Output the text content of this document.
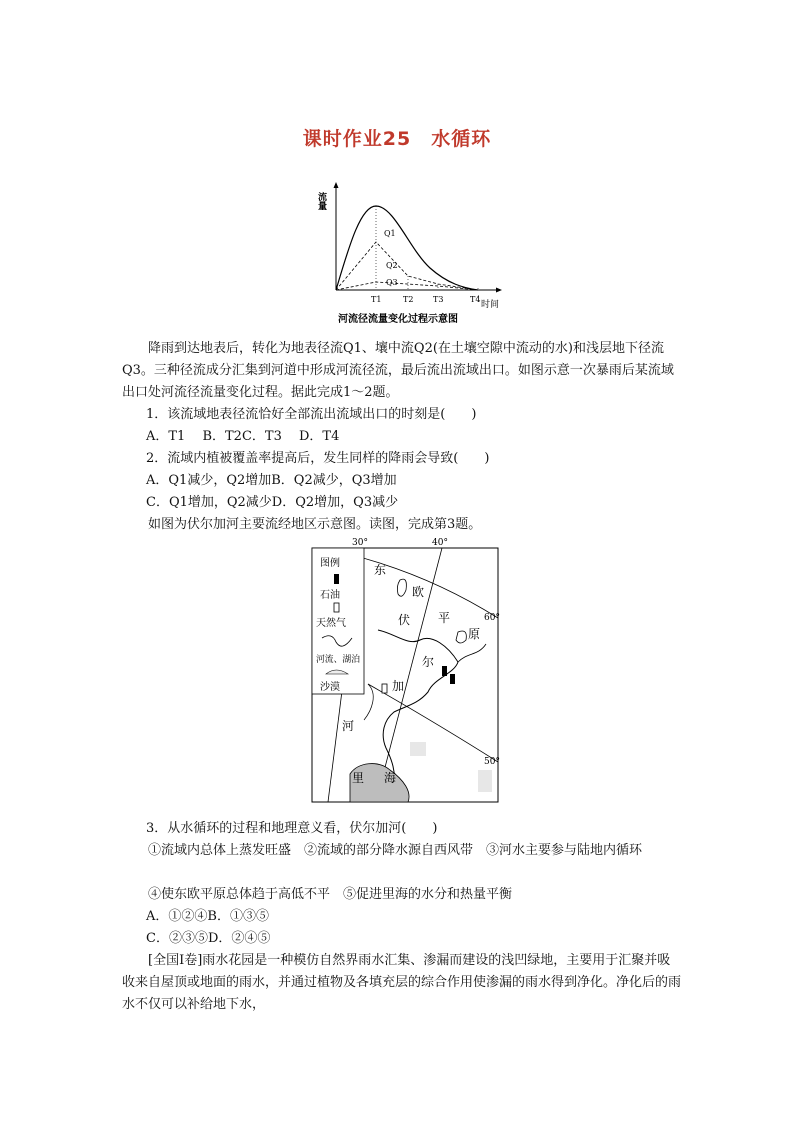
课时作业25　水循环
流量
时间
Q1
Q2
Q3
T1	T2 T3	T4
河流径流量变化过程示意图
降雨到达地表后，转化为地表径流Q1、壤中流Q2(在土壤空隙中流动的水)和浅层地下径流Q3。三种径流成分汇集到河道中形成河流径流，最后流出流域出口。如图示意一次暴雨后某流域出口处河流径流量变化过程。据此完成1～2题。
1．该流域地表径流恰好全部流出流域出口的时刻是(　　)
A．T1　 B．T2C．T3　 D．T4
2．流域内植被覆盖率提高后，发生同样的降雨会导致(　　)
A．Q1减少，Q2增加B．Q2减少，Q3增加
C．Q1增加，Q2减少D．Q2增加，Q3减少
如图为伏尔加河主要流经地区示意图。读图，完成第3题。
30°	40°
60°
50°
东
欧
平
原
伏
尔
加
河
里 海
图例
石油
天然气
河流、湖泊
沙漠
3．从水循环的过程和地理意义看，伏尔加河(　　)
①流域内总体上蒸发旺盛　②流域的部分降水源自西风带　③河水主要参与陆地内循环
④使东欧平原总体趋于高低不平　⑤促进里海的水分和热量平衡
A．①②④B．①③⑤
C．②③⑤D．②④⑤
[全国Ⅰ卷]雨水花园是一种模仿自然界雨水汇集、渗漏而建设的浅凹绿地，主要用于汇聚并吸收来自屋顶或地面的雨水，并通过植物及各填充层的综合作用使渗漏的雨水得到净化。净化后的雨水不仅可以补给地下水，
